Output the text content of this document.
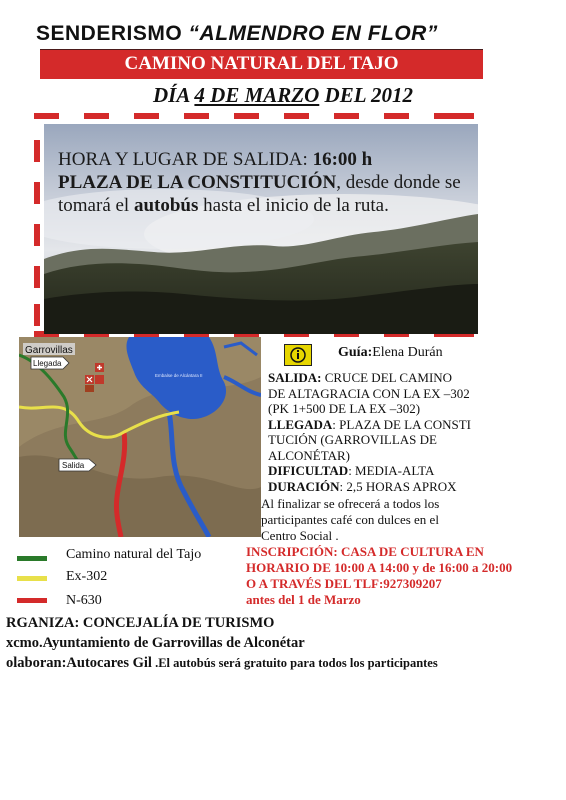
SENDERISMO “ALMENDRO EN FLOR”
CAMINO NATURAL DEL TAJO
DÍA 4 DE MARZO DEL 2012
HORA Y LUGAR DE SALIDA: 16:00 h
PLAZA DE LA CONSTITUCIÓN, desde donde se tomará el autobús hasta el inicio de la ruta.
Garrovillas
Llegada
Salida
Embalse de Alcántara II
Guía:Elena Durán
SALIDA: CRUCE DEL CAMINO
DE ALTAGRACIA CON LA EX –302
(PK 1+500 DE LA EX –302)
LLEGADA: PLAZA DE LA CONSTI
TUCIÓN (GARROVILLAS DE
ALCONÉTAR)
DIFICULTAD: MEDIA-ALTA
DURACIÓN: 2,5 HORAS APROX
Al finalizar se ofrecerá a todos los
participantes café con dulces en el
Centro Social .
Camino natural del Tajo
Ex-302
N-630
INSCRIPCIÓN: CASA DE CULTURA EN
HORARIO DE 10:00 A 14:00 y de 16:00 a 20:00
O A TRAVÉS DEL TLF:927309207
antes del 1 de Marzo
RGANIZA: CONCEJALÍA DE TURISMO
xcmo.Ayuntamiento de Garrovillas de Alconétar
olaboran:Autocares Gil .El autobús será gratuito para todos los participantes
